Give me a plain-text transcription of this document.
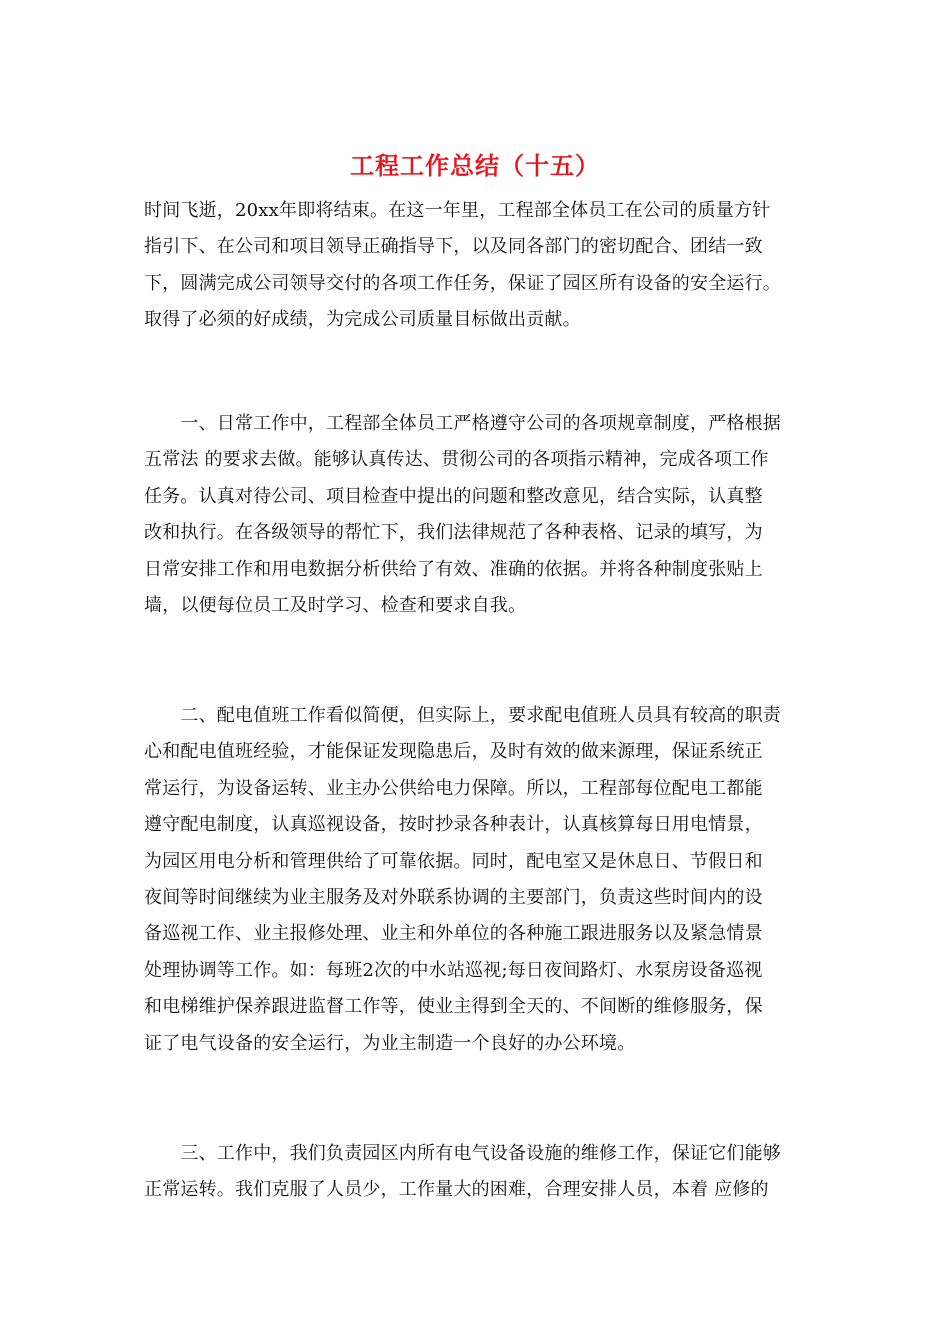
工程工作总结（十五）

时间飞逝，20xx年即将结束。在这一年里，工程部全体员工在公司的质量方针
指引下、在公司和项目领导正确指导下，以及同各部门的密切配合、团结一致
下，圆满完成公司领导交付的各项工作任务，保证了园区所有设备的安全运行。
取得了必须的好成绩，为完成公司质量目标做出贡献。

　　一、日常工作中，工程部全体员工严格遵守公司的各项规章制度，严格根据
五常法 的要求去做。能够认真传达、贯彻公司的各项指示精神，完成各项工作
任务。认真对待公司、项目检查中提出的问题和整改意见，结合实际，认真整
改和执行。在各级领导的帮忙下，我们法律规范了各种表格、记录的填写，为
日常安排工作和用电数据分析供给了有效、准确的依据。并将各种制度张贴上
墙，以便每位员工及时学习、检查和要求自我。

　　二、配电值班工作看似简便，但实际上，要求配电值班人员具有较高的职责
心和配电值班经验，才能保证发现隐患后，及时有效的做来源理，保证系统正
常运行，为设备运转、业主办公供给电力保障。所以，工程部每位配电工都能
遵守配电制度，认真巡视设备，按时抄录各种表计，认真核算每日用电情景，
为园区用电分析和管理供给了可靠依据。同时，配电室又是休息日、节假日和
夜间等时间继续为业主服务及对外联系协调的主要部门，负责这些时间内的设
备巡视工作、业主报修处理、业主和外单位的各种施工跟进服务以及紧急情景
处理协调等工作。如：每班2次的中水站巡视;每日夜间路灯、水泵房设备巡视
和电梯维护保养跟进监督工作等，使业主得到全天的、不间断的维修服务，保
证了电气设备的安全运行，为业主制造一个良好的办公环境。

　　三、工作中，我们负责园区内所有电气设备设施的维修工作，保证它们能够
正常运转。我们克服了人员少，工作量大的困难，合理安排人员，本着 应修的
